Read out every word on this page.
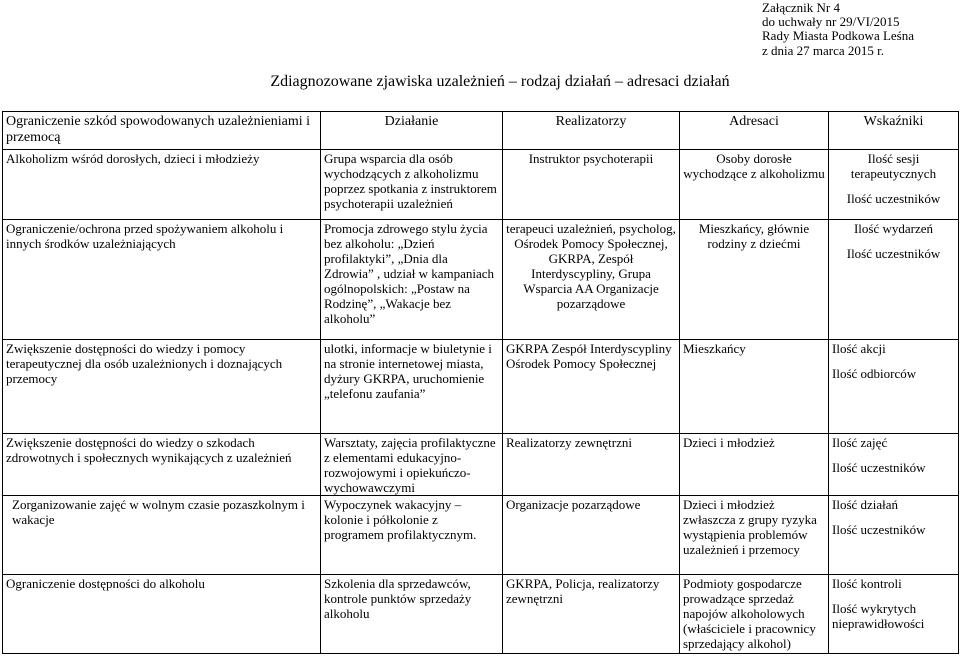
Załącznik Nr 4
do uchwały nr 29/VI/2015
Rady Miasta Podkowa Leśna
z dnia 27 marca 2015 r.
Zdiagnozowane zjawiska uzależnień – rodzaj działań – adresaci działań
Ograniczenie szkód spowodowanych uzależnieniami i przemocą	Działanie	Realizatorzy	Adresaci	Wskaźniki
Alkoholizm wśród dorosłych, dzieci i młodzieży	Grupa wsparcia dla osób wychodzących z alkoholizmu poprzez spotkania z instruktorem psychoterapii uzależnień	Instruktor psychoterapii	Osoby dorosłe wychodzące z alkoholizmu	Ilość sesji terapeutycznych
Ilość uczestników

Ograniczenie/ochrona przed spożywaniem alkoholu i innych środków uzależniających	Promocja zdrowego stylu życia bez alkoholu: „Dzień profilaktyki”, „Dnia dla Zdrowia” , udział w kampaniach ogólnopolskich: „Postaw na Rodzinę”, „Wakacje bez alkoholu”	terapeuci uzależnień, psycholog, Ośrodek Pomocy Społecznej, GKRPA, Zespół Interdyscypliny, Grupa Wsparcia AA Organizacje pozarządowe	Mieszkańcy, głównie rodziny z dziećmi	Ilość wydarzeń
Ilość uczestników

Zwiększenie dostępności do wiedzy i pomocy terapeutycznej dla osób uzależnionych i doznających przemocy	ulotki, informacje w biuletynie i na stronie internetowej miasta, dyżury GKRPA, uruchomienie „telefonu zaufania”	GKRPA Zespół Interdyscypliny Ośrodek Pomocy Społecznej	Mieszkańcy	Ilość akcji
Ilość odbiorców

Zwiększenie dostępności do wiedzy o szkodach zdrowotnych i społecznych wynikających z uzależnień	Warsztaty, zajęcia profilaktyczne z elementami edukacyjno-rozwojowymi i opiekuńczo-wychowawczymi	Realizatorzy zewnętrzni	Dzieci i młodzież	Ilość zajęć
Ilość uczestników

Zorganizowanie zajęć w wolnym czasie pozaszkolnym i wakacje	Wypoczynek wakacyjny – kolonie i półkolonie z programem profilaktycznym.	Organizacje pozarządowe	Dzieci i młodzież zwłaszcza z grupy ryzyka wystąpienia problemów uzależnień i przemocy	Ilość działań
Ilość uczestników

Ograniczenie dostępności do alkoholu	Szkolenia dla sprzedawców, kontrole punktów sprzedaży alkoholu	GKRPA, Policja, realizatorzy zewnętrzni	Podmioty gospodarcze prowadzące sprzedaż napojów alkoholowych (właściciele i pracownicy sprzedający alkohol)	Ilość kontroli
Ilość wykrytych nieprawidłowości
